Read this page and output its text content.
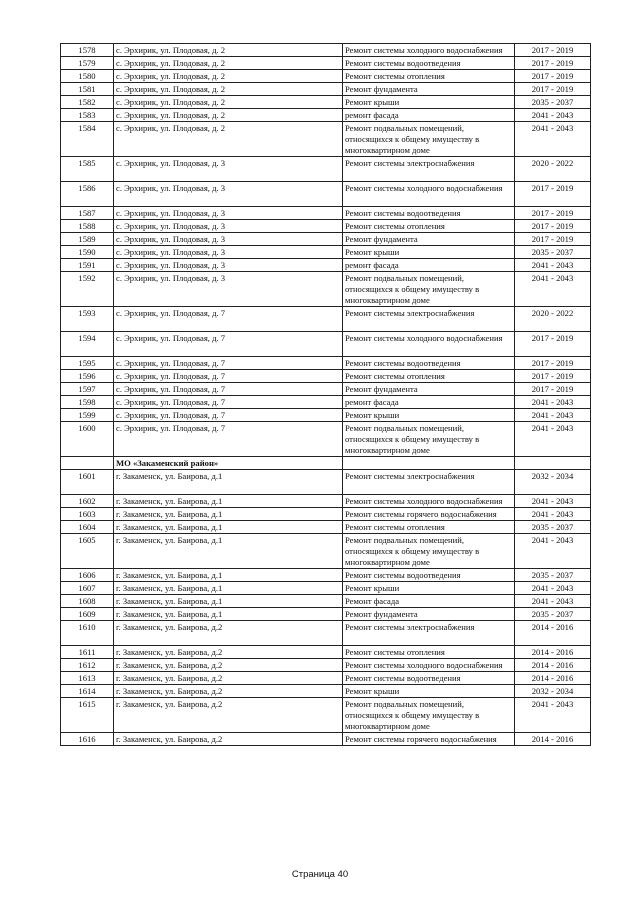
1578	с. Эрхирик, ул. Плодовая, д. 2	Ремонт системы холодного водоснабжения	2017 - 2019
1579	с. Эрхирик, ул. Плодовая, д. 2	Ремонт системы водоотведения	2017 - 2019
1580	с. Эрхирик, ул. Плодовая, д. 2	Ремонт системы отопления	2017 - 2019
1581	с. Эрхирик, ул. Плодовая, д. 2	Ремонт фундамента	2017 - 2019
1582	с. Эрхирик, ул. Плодовая, д. 2	Ремонт крыши	2035 - 2037
1583	с. Эрхирик, ул. Плодовая, д. 2	ремонт фасада	2041 - 2043
1584	с. Эрхирик, ул. Плодовая, д. 2	Ремонт подвальных помещений, относящихся к общему имуществу в многоквартирном доме	2041 - 2043
1585	с. Эрхирик, ул. Плодовая, д. 3	Ремонт системы электроснабжения	2020 - 2022
1586	с. Эрхирик, ул. Плодовая, д. 3	Ремонт системы холодного водоснабжения	2017 - 2019
1587	с. Эрхирик, ул. Плодовая, д. 3	Ремонт системы водоотведения	2017 - 2019
1588	с. Эрхирик, ул. Плодовая, д. 3	Ремонт системы отопления	2017 - 2019
1589	с. Эрхирик, ул. Плодовая, д. 3	Ремонт фундамента	2017 - 2019
1590	с. Эрхирик, ул. Плодовая, д. 3	Ремонт крыши	2035 - 2037
1591	с. Эрхирик, ул. Плодовая, д. 3	ремонт фасада	2041 - 2043
1592	с. Эрхирик, ул. Плодовая, д. 3	Ремонт подвальных помещений, относящихся к общему имуществу в многоквартирном доме	2041 - 2043
1593	с. Эрхирик, ул. Плодовая, д. 7	Ремонт системы электроснабжения	2020 - 2022
1594	с. Эрхирик, ул. Плодовая, д. 7	Ремонт системы холодного водоснабжения	2017 - 2019
1595	с. Эрхирик, ул. Плодовая, д. 7	Ремонт системы водоотведения	2017 - 2019
1596	с. Эрхирик, ул. Плодовая, д. 7	Ремонт системы отопления	2017 - 2019
1597	с. Эрхирик, ул. Плодовая, д. 7	Ремонт фундамента	2017 - 2019
1598	с. Эрхирик, ул. Плодовая, д. 7	ремонт фасада	2041 - 2043
1599	с. Эрхирик, ул. Плодовая, д. 7	Ремонт крыши	2041 - 2043
1600	с. Эрхирик, ул. Плодовая, д. 7	Ремонт подвальных помещений, относящихся к общему имуществу в многоквартирном доме	2041 - 2043
	МО «Закаменский район»		
1601	г. Закаменск, ул. Баирова, д.1	Ремонт системы электроснабжения	2032 - 2034
1602	г. Закаменск, ул. Баирова, д.1	Ремонт системы холодного водоснабжения	2041 - 2043
1603	г. Закаменск, ул. Баирова, д.1	Ремонт системы горячего водоснабжения	2041 - 2043
1604	г. Закаменск, ул. Баирова, д.1	Ремонт системы отопления	2035 - 2037
1605	г. Закаменск, ул. Баирова, д.1	Ремонт подвальных помещений, относящихся к общему имуществу в многоквартирном доме	2041 - 2043
1606	г. Закаменск, ул. Баирова, д.1	Ремонт системы водоотведения	2035 - 2037
1607	г. Закаменск, ул. Баирова, д.1	Ремонт крыши	2041 - 2043
1608	г. Закаменск, ул. Баирова, д.1	Ремонт фасада	2041 - 2043
1609	г. Закаменск, ул. Баирова, д.1	Ремонт фундамента	2035 - 2037
1610	г. Закаменск, ул. Баирова, д.2	Ремонт системы электроснабжения	2014 - 2016
1611	г. Закаменск, ул. Баирова, д.2	Ремонт системы отопления	2014 - 2016
1612	г. Закаменск, ул. Баирова, д.2	Ремонт системы холодного водоснабжения	2014 - 2016
1613	г. Закаменск, ул. Баирова, д.2	Ремонт системы водоотведения	2014 - 2016
1614	г. Закаменск, ул. Баирова, д.2	Ремонт крыши	2032 - 2034
1615	г. Закаменск, ул. Баирова, д.2	Ремонт подвальных помещений, относящихся к общему имуществу в многоквартирном доме	2041 - 2043
1616	г. Закаменск, ул. Баирова, д.2	Ремонт системы горячего водоснабжения	2014 - 2016
Страница 40
